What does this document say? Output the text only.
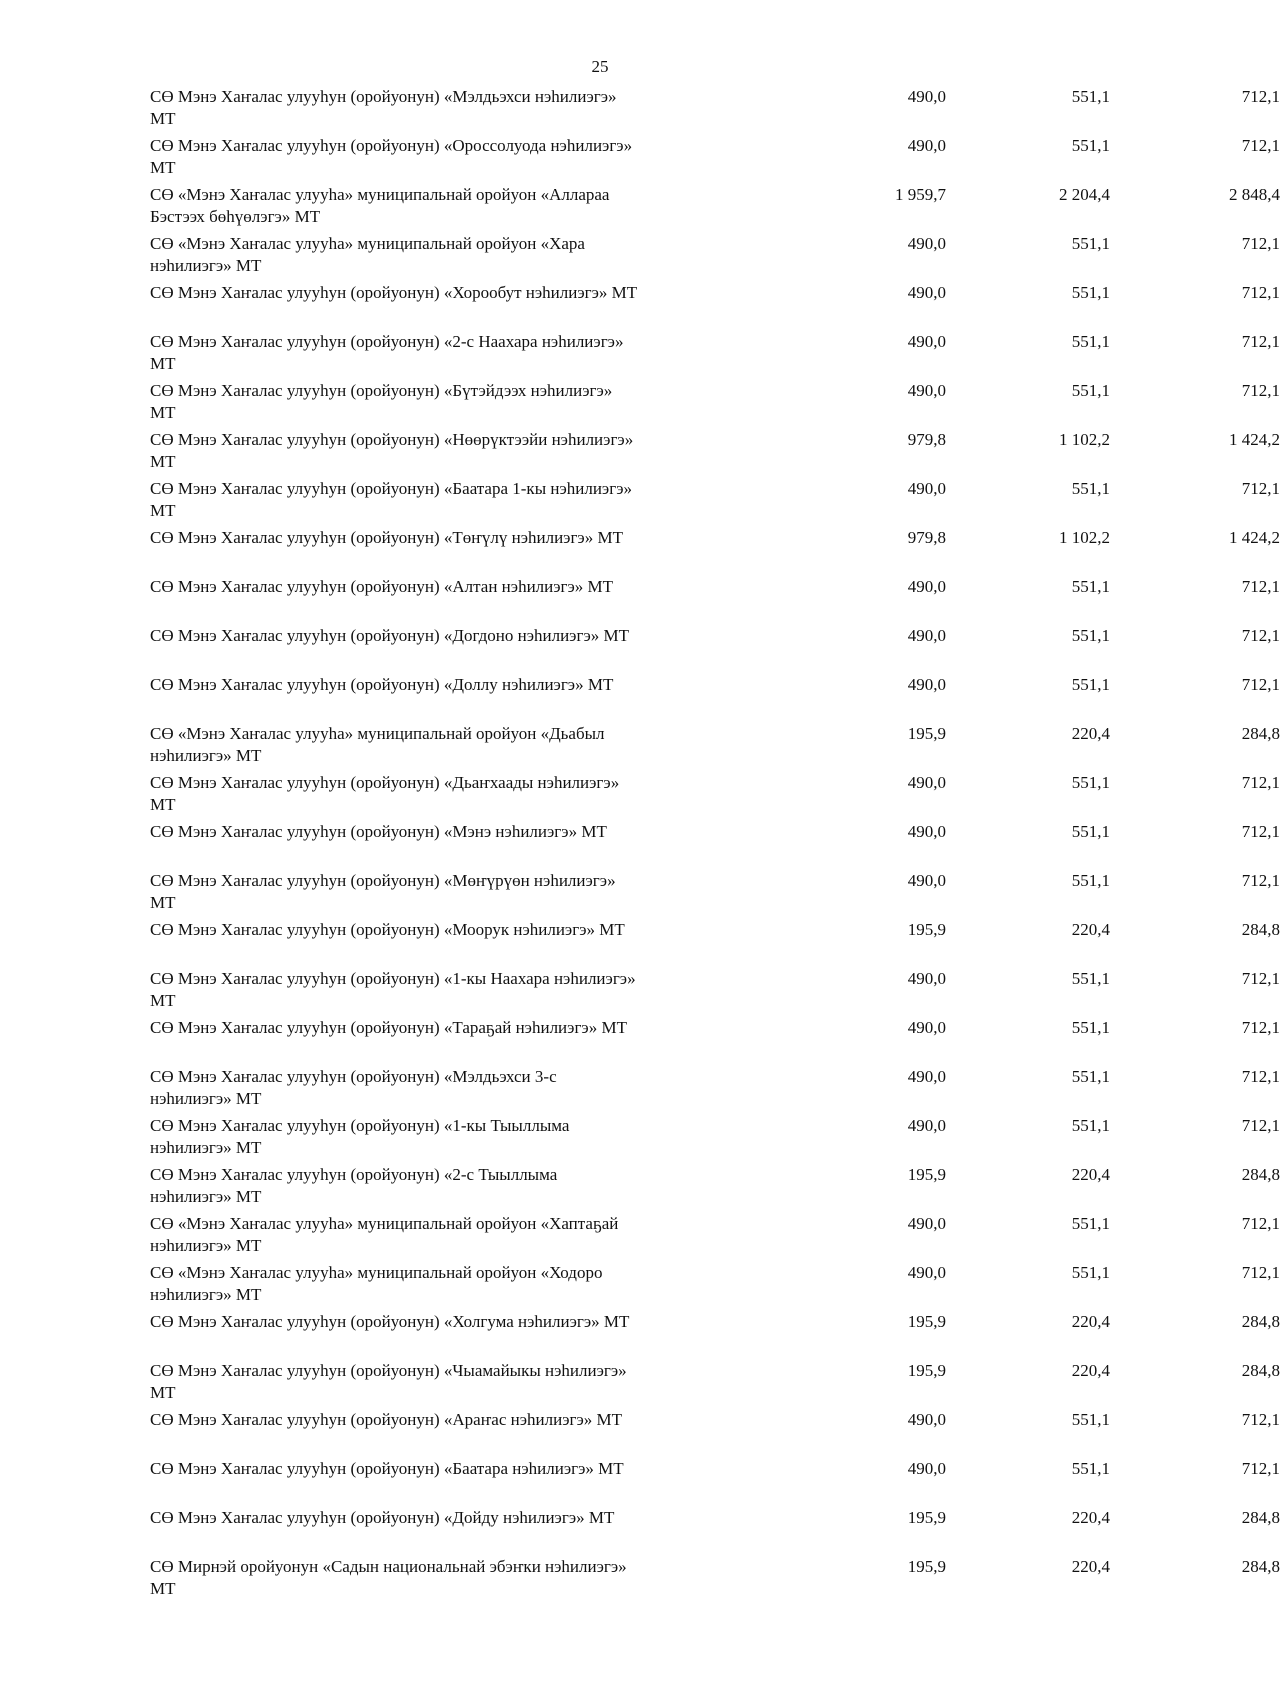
25
СӨ Мэнэ Хаҥалас улууһун (оройуонун) «Мэлдьэхси нэһилиэгэ» МТ
490,0	551,1	712,1
СӨ Мэнэ Хаҥалас улууһун (оройуонун) «Ороссолуода нэһилиэгэ» МТ
490,0	551,1	712,1
СӨ «Мэнэ Хаҥалас улууһа» муниципальнай оройуон «Аллараа Бэстээх бөһүөлэгэ» МТ
1 959,7	2 204,4	2 848,4
СӨ «Мэнэ Хаҥалас улууһа» муниципальнай оройуон «Хара нэһилиэгэ» МТ
490,0	551,1	712,1
СӨ Мэнэ Хаҥалас улууһун (оройуонун) «Хорообут нэһилиэгэ» МТ	490,0	551,1	712,1
СӨ Мэнэ Хаҥалас улууһун (оройуонун) «2-с Наахара нэһилиэгэ» МТ
490,0	551,1	712,1
СӨ Мэнэ Хаҥалас улууһун (оройуонун) «Бүтэйдээх нэһилиэгэ» МТ
490,0	551,1	712,1
СӨ Мэнэ Хаҥалас улууһун (оройуонун) «Нөөрүктээйи нэһилиэгэ» МТ
979,8	1 102,2	1 424,2
СӨ Мэнэ Хаҥалас улууһун (оройуонун) «Баатара 1-кы нэһилиэгэ» МТ
490,0	551,1	712,1
СӨ Мэнэ Хаҥалас улууһун (оройуонун) «Төҥүлү нэһилиэгэ» МТ	979,8	1 102,2	1 424,2
СӨ Мэнэ Хаҥалас улууһун (оройуонун) «Алтан нэһилиэгэ» МТ	490,0	551,1	712,1
СӨ Мэнэ Хаҥалас улууһун (оройуонун) «Догдоно нэһилиэгэ» МТ	490,0	551,1	712,1
СӨ Мэнэ Хаҥалас улууһун (оройуонун) «Доллу нэһилиэгэ» МТ	490,0	551,1	712,1
СӨ «Мэнэ Хаҥалас улууһа» муниципальнай оройуон «Дьабыл нэһилиэгэ» МТ
195,9	220,4	284,8
СӨ Мэнэ Хаҥалас улууһун (оройуонун) «Дьаҥхаады нэһилиэгэ» МТ
490,0	551,1	712,1
СӨ Мэнэ Хаҥалас улууһун (оройуонун) «Мэнэ нэһилиэгэ» МТ	490,0	551,1	712,1
СӨ Мэнэ Хаҥалас улууһун (оройуонун) «Мөҥүрүөн нэһилиэгэ» МТ
490,0	551,1	712,1
СӨ Мэнэ Хаҥалас улууһун (оройуонун) «Моорук нэһилиэгэ» МТ	195,9	220,4	284,8
СӨ Мэнэ Хаҥалас улууһун (оройуонун) «1-кы Наахара нэһилиэгэ» МТ
490,0	551,1	712,1
СӨ Мэнэ Хаҥалас улууһун (оройуонун) «Тараҕай нэһилиэгэ» МТ	490,0	551,1	712,1
СӨ Мэнэ Хаҥалас улууһун (оройуонун) «Мэлдьэхси 3-с нэһилиэгэ» МТ
490,0	551,1	712,1
СӨ Мэнэ Хаҥалас улууһун (оройуонун) «1-кы Тыыллыма нэһилиэгэ» МТ
490,0	551,1	712,1
СӨ Мэнэ Хаҥалас улууһун (оройуонун) «2-с Тыыллыма нэһилиэгэ» МТ
195,9	220,4	284,8
СӨ «Мэнэ Хаҥалас улууһа» муниципальнай оройуон «Хаптаҕай нэһилиэгэ» МТ
490,0	551,1	712,1
СӨ «Мэнэ Хаҥалас улууһа» муниципальнай оройуон «Ходоро нэһилиэгэ» МТ
490,0	551,1	712,1
СӨ Мэнэ Хаҥалас улууһун (оройуонун) «Холгума нэһилиэгэ» МТ	195,9	220,4	284,8
СӨ Мэнэ Хаҥалас улууһун (оройуонун) «Чыамайыкы нэһилиэгэ» МТ
195,9	220,4	284,8
СӨ Мэнэ Хаҥалас улууһун (оройуонун) «Араҥас нэһилиэгэ» МТ	490,0	551,1	712,1
СӨ Мэнэ Хаҥалас улууһун (оройуонун) «Баатара нэһилиэгэ» МТ	490,0	551,1	712,1
СӨ Мэнэ Хаҥалас улууһун (оройуонун) «Дойду нэһилиэгэ» МТ	195,9	220,4	284,8
СӨ Мирнэй оройуонун «Садын национальнай эбэҥки нэһилиэгэ» МТ
195,9	220,4	284,8
